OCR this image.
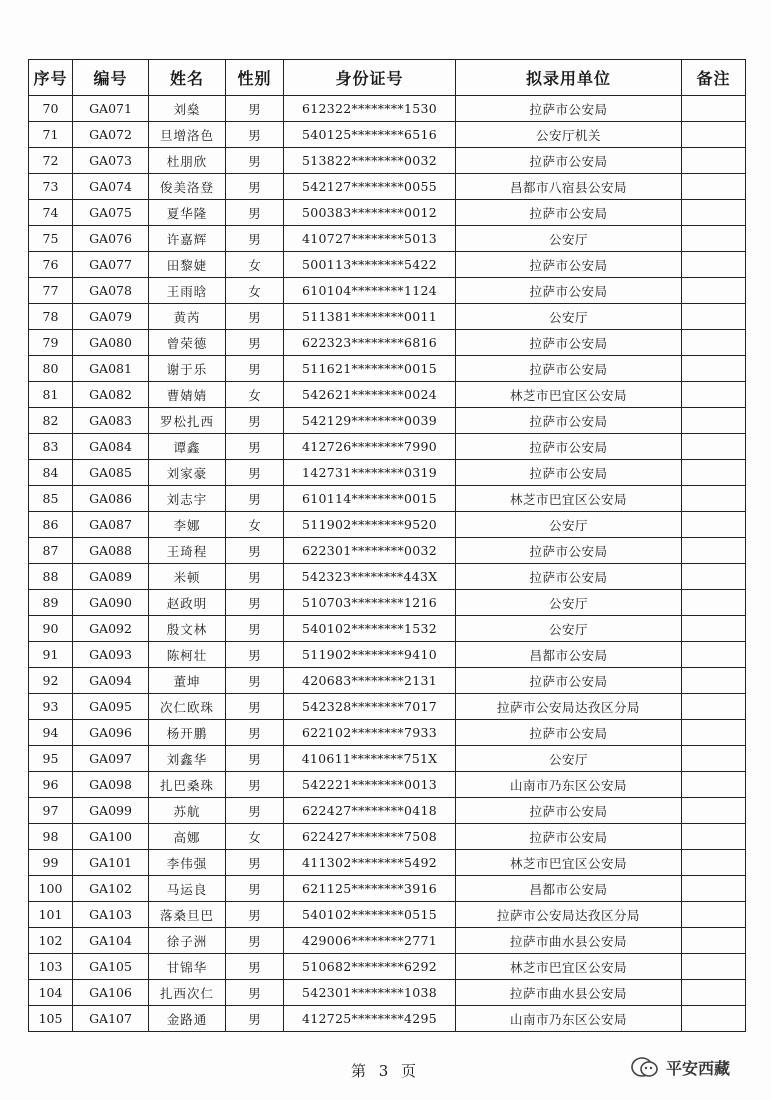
序号	编号	姓名	性别	身份证号	拟录用单位	备注
70	GA071	刘燊	男	612322********1530	拉萨市公安局	
71	GA072	旦增洛色	男	540125********6516	公安厅机关	
72	GA073	杜朋欣	男	513822********0032	拉萨市公安局	
73	GA074	俊美洛登	男	542127********0055	昌都市八宿县公安局	
74	GA075	夏华隆	男	500383********0012	拉萨市公安局	
75	GA076	许嘉辉	男	410727********5013	公安厅	
76	GA077	田黎婕	女	500113********5422	拉萨市公安局	
77	GA078	王雨晗	女	610104********1124	拉萨市公安局	
78	GA079	黄芮	男	511381********0011	公安厅	
79	GA080	曾荣德	男	622323********6816	拉萨市公安局	
80	GA081	谢于乐	男	511621********0015	拉萨市公安局	
81	GA082	曹婧婧	女	542621********0024	林芝市巴宜区公安局	
82	GA083	罗松扎西	男	542129********0039	拉萨市公安局	
83	GA084	谭鑫	男	412726********7990	拉萨市公安局	
84	GA085	刘家豪	男	142731********0319	拉萨市公安局	
85	GA086	刘志宇	男	610114********0015	林芝市巴宜区公安局	
86	GA087	李娜	女	511902********9520	公安厅	
87	GA088	王琦程	男	622301********0032	拉萨市公安局	
88	GA089	米顿	男	542323********443X	拉萨市公安局	
89	GA090	赵政明	男	510703********1216	公安厅	
90	GA092	殷文林	男	540102********1532	公安厅	
91	GA093	陈柯壮	男	511902********9410	昌都市公安局	
92	GA094	董坤	男	420683********2131	拉萨市公安局	
93	GA095	次仁欧珠	男	542328********7017	拉萨市公安局达孜区分局	
94	GA096	杨开鹏	男	622102********7933	拉萨市公安局	
95	GA097	刘鑫华	男	410611********751X	公安厅	
96	GA098	扎巴桑珠	男	542221********0013	山南市乃东区公安局	
97	GA099	苏航	男	622427********0418	拉萨市公安局	
98	GA100	高娜	女	622427********7508	拉萨市公安局	
99	GA101	李伟强	男	411302********5492	林芝市巴宜区公安局	
100	GA102	马运良	男	621125********3916	昌都市公安局	
101	GA103	落桑旦巴	男	540102********0515	拉萨市公安局达孜区分局	
102	GA104	徐子洲	男	429006********2771	拉萨市曲水县公安局	
103	GA105	甘锦华	男	510682********6292	林芝市巴宜区公安局	
104	GA106	扎西次仁	男	542301********1038	拉萨市曲水县公安局	
105	GA107	金路通	男	412725********4295	山南市乃东区公安局	
第 3 页	平安西藏
